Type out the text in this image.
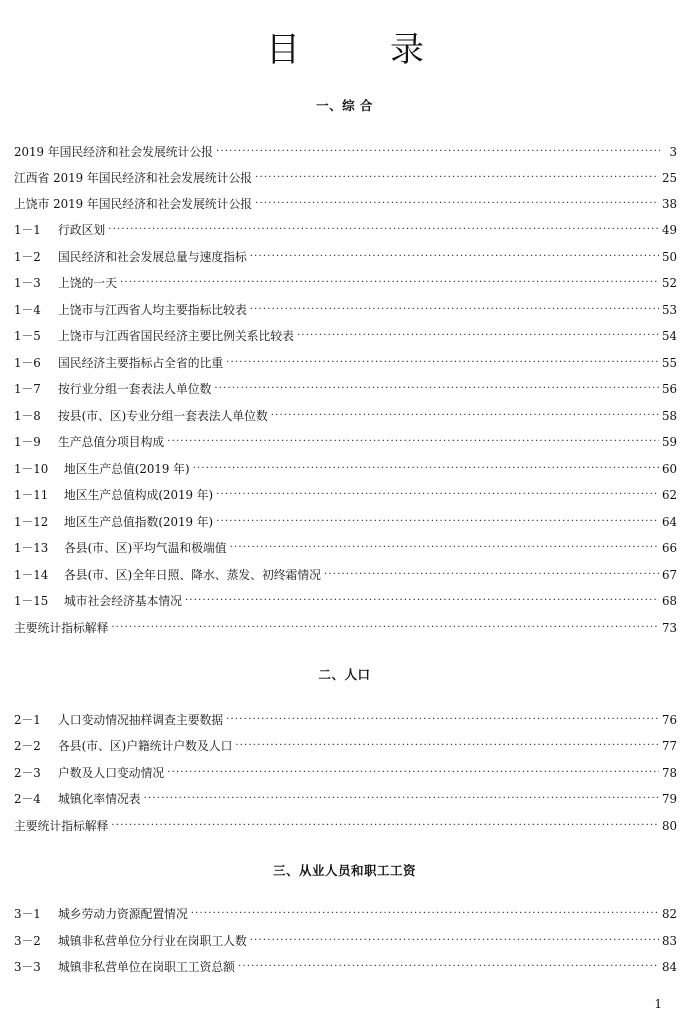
目	录
一、综 合
2019 年国民经济和社会发展统计公报 ·····	3
江西省 2019 年国民经济和社会发展统计公报 ·····	25
上饶市 2019 年国民经济和社会发展统计公报 ·····	38
1－1	行政区划 ·····	49
1－2	国民经济和社会发展总量与速度指标 ·····	50
1－3	上饶的一天 ·····	52
1－4	上饶市与江西省人均主要指标比较表 ·····	53
1－5	上饶市与江西省国民经济主要比例关系比较表 ·····	54
1－6	国民经济主要指标占全省的比重 ·····	55
1－7	按行业分组一套表法人单位数 ·····	56
1－8	按县(市、区)专业分组一套表法人单位数 ·····	58
1－9	生产总值分项目构成 ·····	59
1－10	地区生产总值(2019 年) ·····	60
1－11	地区生产总值构成(2019 年) ·····	62
1－12	地区生产总值指数(2019 年) ·····	64
1－13	各县(市、区)平均气温和极端值 ·····	66
1－14	各县(市、区)全年日照、降水、蒸发、初终霜情况 ·····	67
1－15	城市社会经济基本情况 ·····	68
主要统计指标解释 ·····	73
二、人口
2－1	人口变动情况抽样调查主要数据 ·····	76
2－2	各县(市、区)户籍统计户数及人口 ·····	77
2－3	户数及人口变动情况 ·····	78
2－4	城镇化率情况表 ·····	79
主要统计指标解释 ·····	80
三、从业人员和职工工资
3－1	城乡劳动力资源配置情况 ·····	82
3－2	城镇非私营单位分行业在岗职工人数 ·····	83
3－3	城镇非私营单位在岗职工工资总额 ·····	84
1
